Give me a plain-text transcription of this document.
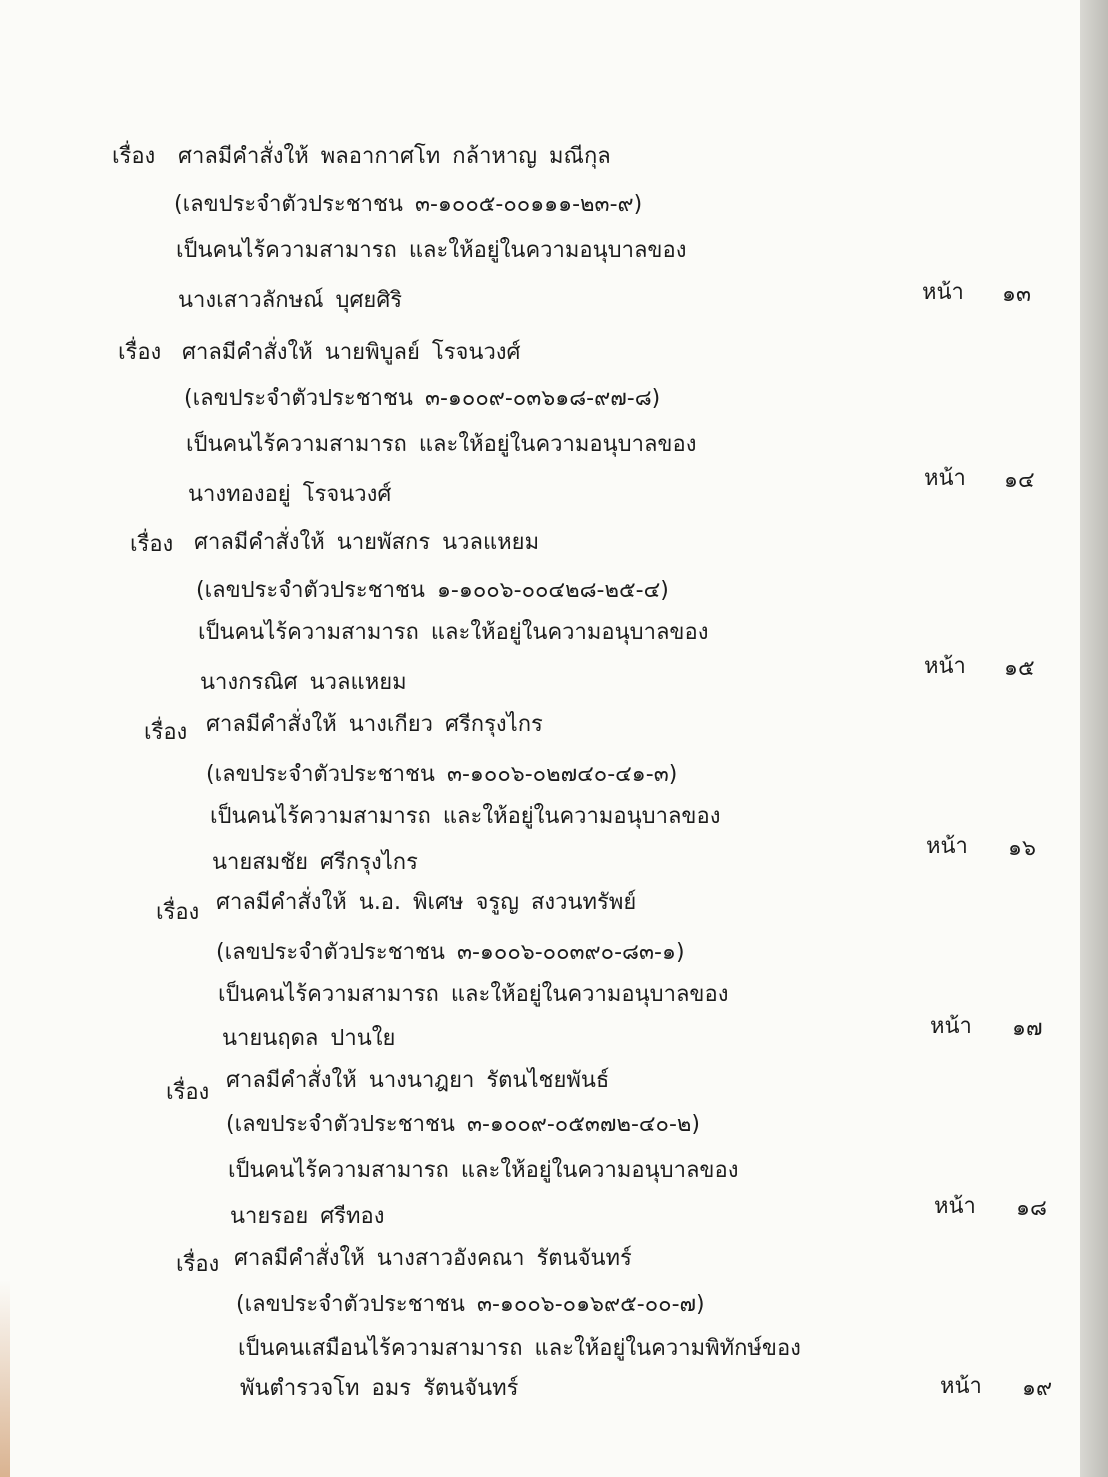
เรื่อง ศาลมีคำสั่งให้ พลอากาศโท กล้าหาญ มณีกุล
(เลขประจำตัวประชาชน ๓-๑๐๐๕-๐๐๑๑๑-๒๓-๙)
เป็นคนไร้ความสามารถ และให้อยู่ในความอนุบาลของ
นางเสาวลักษณ์ บุศยศิริ	หน้า ๑๓
เรื่อง ศาลมีคำสั่งให้ นายพิบูลย์ โรจนวงศ์
(เลขประจำตัวประชาชน ๓-๑๐๐๙-๐๓๖๑๘-๙๗-๘)
เป็นคนไร้ความสามารถ และให้อยู่ในความอนุบาลของ
นางทองอยู่ โรจนวงศ์
หน้า ๑๔
เรื่อง ศาลมีคำสั่งให้ นายพัสกร นวลแหยม
(เลขประจำตัวประชาชน ๑-๑๐๐๖-๐๐๔๒๘-๒๕-๔)
เป็นคนไร้ความสามารถ และให้อยู่ในความอนุบาลของ
นางกรณิศ นวลแหยม
หน้า ๑๕
เรื่อง ศาลมีคำสั่งให้ นางเกียว ศรีกรุงไกร
(เลขประจำตัวประชาชน ๓-๑๐๐๖-๐๒๗๔๐-๔๑-๓)
เป็นคนไร้ความสามารถ และให้อยู่ในความอนุบาลของ
นายสมชัย ศรีกรุงไกร
หน้า ๑๖
เรื่อง ศาลมีคำสั่งให้ น.อ. พิเศษ จรูญ สงวนทรัพย์
(เลขประจำตัวประชาชน ๓-๑๐๐๖-๐๐๓๙๐-๘๓-๑)
เป็นคนไร้ความสามารถ และให้อยู่ในความอนุบาลของ
นายนฤดล ปานใย	หน้า ๑๗
เรื่อง ศาลมีคำสั่งให้ นางนาฎยา รัตนไชยพันธ์
(เลขประจำตัวประชาชน ๓-๑๐๐๙-๐๕๓๗๒-๔๐-๒)
เป็นคนไร้ความสามารถ และให้อยู่ในความอนุบาลของ
นายรอย ศรีทอง	หน้า ๑๘
เรื่อง ศาลมีคำสั่งให้ นางสาวอังคณา รัตนจันทร์
(เลขประจำตัวประชาชน ๓-๑๐๐๖-๐๑๖๙๕-๐๐-๗)
เป็นคนเสมือนไร้ความสามารถ และให้อยู่ในความพิทักษ์ของ
พันตำรวจโท อมร รัตนจันทร์	หน้า ๑๙
